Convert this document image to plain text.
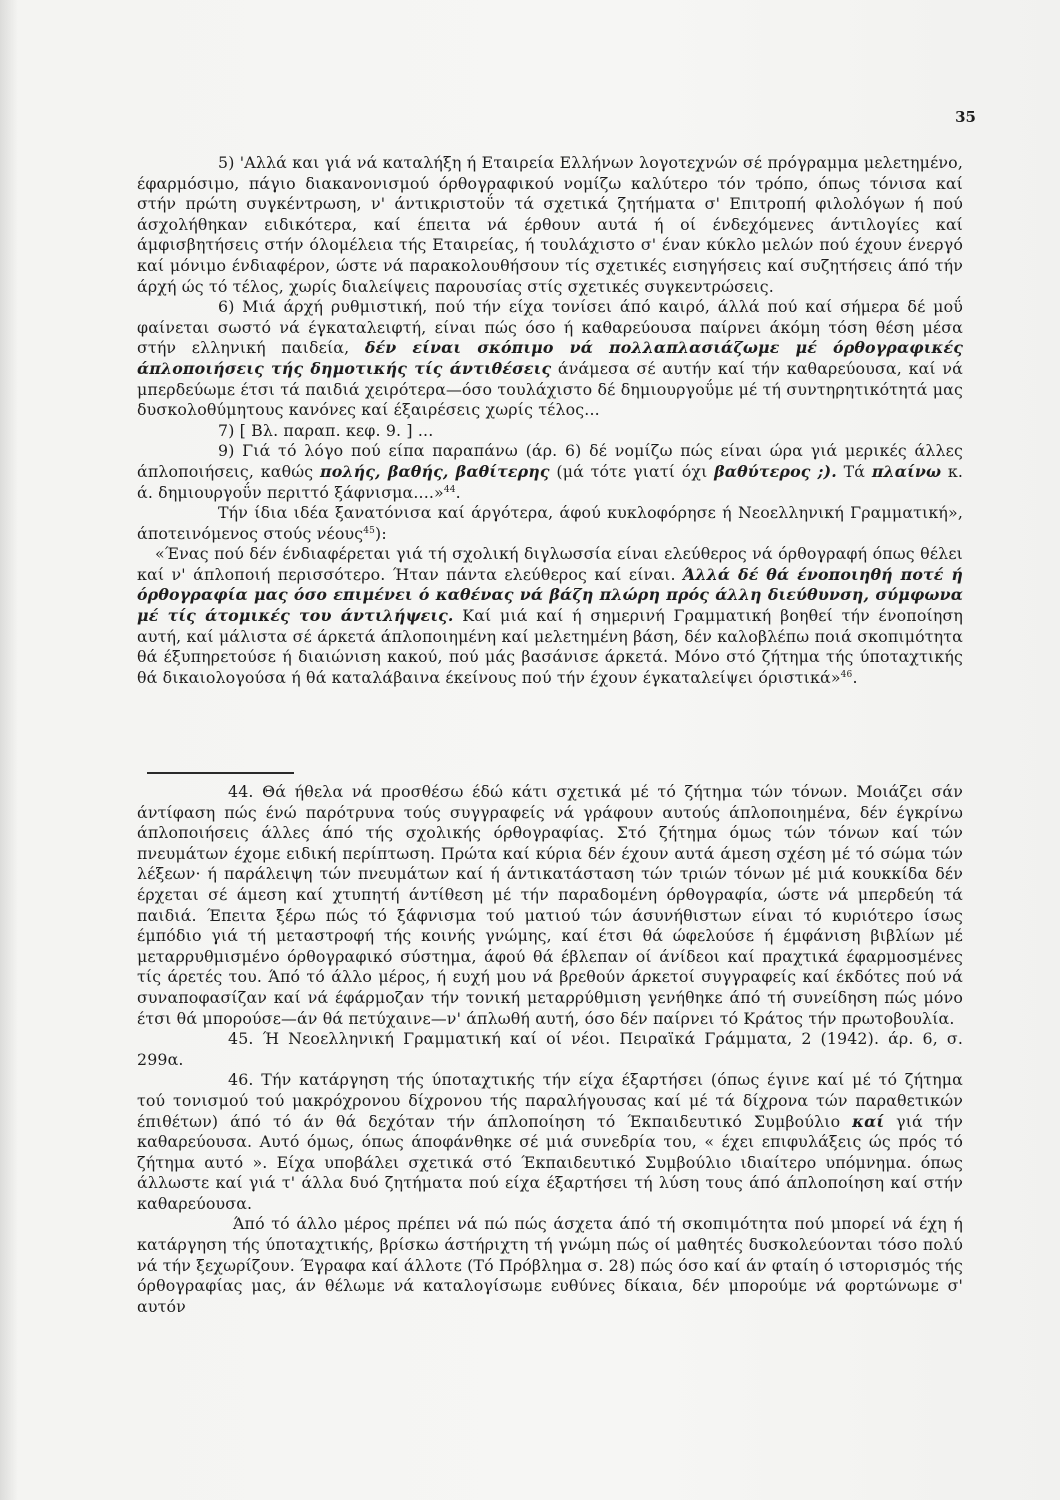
35

5) 'Αλλά και γιά νά καταλήξη ή Εταιρεία Ελλήνων λογοτεχνών σέ πρόγραμμα μελετημένο, έφαρμόσιμο, πάγιο διακανονισμού όρθογραφικού νομίζω καλύτερο τόν τρόπο, όπως τόνισα καί στήν πρώτη συγκέντρωση, ν' άντικριστοΰν τά σχετικά ζητήματα σ' Επιτροπή φιλολόγων ή πού άσχολήθηκαν ειδικότερα, καί έπειτα νά έρθουν αυτά ή οί ένδεχόμενες άντιλογίες καί άμφισβητήσεις στήν όλομέλεια τής Εταιρείας, ή τουλάχιστο σ' έναν κύκλο μελών πού έχουν ένεργό καί μόνιμο ένδιαφέρον, ώστε νά παρακολουθήσουν τίς σχετικές εισηγήσεις καί συζητήσεις άπό τήν άρχή ώς τό τέλος, χωρίς διαλείψεις παρουσίας στίς σχετικές συγκεντρώσεις.

6) Μιά άρχή ρυθμιστική, πού τήν είχα τονίσει άπό καιρό, άλλά πού καί σήμερα δέ μοΰ φαίνεται σωστό νά έγκαταλειφτή, είναι πώς όσο ή καθαρεύουσα παίρνει άκόμη τόση θέση μέσα στήν ελληνική παιδεία, δέν είναι σκόπιμο νά πολλαπλασιάζωμε μέ όρθογραφικές άπλοποιήσεις τής δημοτικής τίς άντιθέσεις άνάμεσα σέ αυτήν καί τήν καθαρεύουσα, καί νά μπερδεύωμε έτσι τά παιδιά χειρότερα—όσο τουλάχιστο δέ δημιουργοΰμε μέ τή συντηρητικότητά μας δυσκολοθύμητους κανόνες καί έξαιρέσεις χωρίς τέλος...

7) [ Βλ. παραπ. κεφ. 9. ] ...

9) Γιά τό λόγο πού είπα παραπάνω (άρ. 6) δέ νομίζω πώς είναι ώρα γιά μερικές άλλες άπλοποιήσεις, καθώς πολής, βαθής, βαθίτερης (μά τότε γιατί όχι βαθύτερος ;). Τά πλαίνω κ. ά. δημιουργοΰν περιττό ξάφνισμα....»$^{44}$.

Τήν ίδια ιδέα ξανατόνισα καί άργότερα, άφού κυκλοφόρησε ή Νεοελληνική Γραμματική», άποτεινόμενος στούς νέους$^{45}$):

«Ένας πού δέν ένδιαφέρεται γιά τή σχολική διγλωσσία είναι ελεύθερος νά όρθογραφή όπως θέλει καί ν' άπλοποιή περισσότερο. Ήταν πάντα ελεύθερος καί είναι. Άλλά δέ θά ένοποιηθή ποτέ ή όρθογραφία μας όσο επιμένει ό καθένας νά βάζη πλώρη πρός άλλη διεύθυνση, σύμφωνα μέ τίς άτομικές του άντιλήψεις. Καί μιά καί ή σημερινή Γραμματική βοηθεί τήν ένοποίηση αυτή, καί μάλιστα σέ άρκετά άπλοποιημένη καί μελετημένη βάση, δέν καλοβλέπω ποιά σκοπιμότητα θά έξυπηρετούσε ή διαιώνιση κακού, πού μάς βασάνισε άρκετά. Μόνο στό ζήτημα τής ύποταχτικής θά δικαιολογούσα ή θά καταλάβαινα έκείνους πού τήν έχουν έγκαταλείψει όριστικά»$^{46}$.

44. Θά ήθελα νά προσθέσω έδώ κάτι σχετικά μέ τό ζήτημα τών τόνων. Μοιάζει σάν άντίφαση πώς ένώ παρότρυνα τούς συγγραφείς νά γράφουν αυτούς άπλοποιημένα, δέν έγκρίνω άπλοποιήσεις άλλες άπό τής σχολικής όρθογραφίας. Στό ζήτημα όμως τών τόνων καί τών πνευμάτων έχομε ειδική περίπτωση. Πρώτα καί κύρια δέν έχουν αυτά άμεση σχέση μέ τό σώμα τών λέξεων· ή παράλειψη τών πνευμάτων καί ή άντικατάσταση τών τριών τόνων μέ μιά κουκκίδα δέν έρχεται σέ άμεση καί χτυπητή άντίθεση μέ τήν παραδομένη όρθογραφία, ώστε νά μπερδεύη τά παιδιά. Έπειτα ξέρω πώς τό ξάφνισμα τού ματιού τών άσυνήθιστων είναι τό κυριότερο ίσως έμπόδιο γιά τή μεταστροφή τής κοινής γνώμης, καί έτσι θά ώφελούσε ή έμφάνιση βιβλίων μέ μεταρρυθμισμένο όρθογραφικό σύστημα, άφού θά έβλεπαν οί άνίδεοι καί πραχτικά έφαρμοσμένες τίς άρετές του. Άπό τό άλλο μέρος, ή ευχή μου νά βρεθούν άρκετοί συγγραφείς καί έκδότες πού νά συναποφασίζαν καί νά έφάρμοζαν τήν τονική μεταρρύθμιση γενήθηκε άπό τή συνείδηση πώς μόνο έτσι θά μπορούσε—άν θά πετύχαινε—ν' άπλωθή αυτή, όσο δέν παίρνει τό Κράτος τήν πρωτοβουλία.

45. Ή Νεοελληνική Γραμματική καί οί νέοι. Πειραϊκά Γράμματα, 2 (1942). άρ. 6, σ. 299α.

46. Τήν κατάργηση τής ύποταχτικής τήν είχα έξαρτήσει (όπως έγινε καί μέ τό ζήτημα τού τονισμού τού μακρόχρονου δίχρονου τής παραλήγουσας καί μέ τά δίχρονα τών παραθετικών έπιθέτων) άπό τό άν θά δεχόταν τήν άπλοποίηση τό Έκπαιδευτικό Συμβούλιο καί γιά τήν καθαρεύουσα. Αυτό όμως, όπως άποφάνθηκε σέ μιά συνεδρία του, « έχει επιφυλάξεις ώς πρός τό ζήτημα αυτό ». Είχα υποβάλει σχετικά στό Έκπαιδευτικό Συμβούλιο ιδιαίτερο υπόμνημα. όπως άλλωστε καί γιά τ' άλλα δυό ζητήματα πού είχα έξαρτήσει τή λύση τους άπό άπλοποίηση καί στήν καθαρεύουσα.

Άπό τό άλλο μέρος πρέπει νά πώ πώς άσχετα άπό τή σκοπιμότητα πού μπορεί νά έχη ή κατάργηση τής ύποταχτικής, βρίσκω άστήριχτη τή γνώμη πώς οί μαθητές δυσκολεύονται τόσο πολύ νά τήν ξεχωρίζουν. Έγραφα καί άλλοτε (Τό Πρόβλημα σ. 28) πώς όσο καί άν φταίη ό ιστορισμός τής όρθογραφίας μας, άν θέλωμε νά καταλογίσωμε ευθύνες δίκαια, δέν μπορούμε νά φορτώνωμε σ' αυτόν
